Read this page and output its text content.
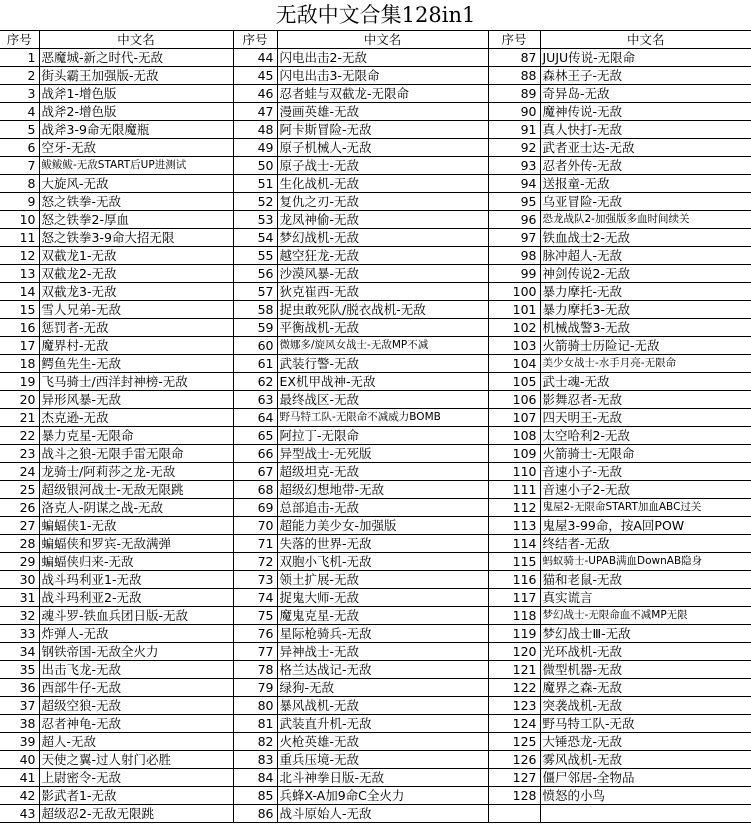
无敌中文合集128in1
序号	中文名	序号	中文名	序号	中文名
1	恶魔城-新之时代-无敌	44	闪电出击2-无敌	87	JUJU传说-无限命
2	街头霸王加强版-无敌	45	闪电出击3-无限命	88	森林王子-无敌
3	战斧1-增色版	46	忍者蛙与双截龙-无限命	89	奇异岛-无敌
4	战斧2-增色版	47	漫画英雄-无敌	90	魔神传说-无敌
5	战斧3-9命无限魔瓶	48	阿卡斯冒险-无敌	91	真人快打-无敌
6	空牙-无敌	49	原子机械人-无敌	92	武者亚士达-无敌
7	鲅鲅鲅-无敌START后UP进测试	50	原子战士-无敌	93	忍者外传-无敌
8	大旋风-无敌	51	生化战机-无敌	94	送报童-无敌
9	怒之铁拳-无敌	52	复仇之刃-无敌	95	乌亚冒险-无敌
10	怒之铁拳2-厚血	53	龙凤神偷-无敌	96	恐龙战队2-加强版多血时间续关
11	怒之铁拳3-9命大招无限	54	梦幻战机-无敌	97	铁血战士2-无敌
12	双截龙1-无敌	55	越空狂龙-无敌	98	脉冲超人-无敌
13	双截龙2-无敌	56	沙漠风暴-无敌	99	神剑传说2-无敌
14	双截龙3-无敌	57	狄克崔西-无敌	100	暴力摩托-无敌
15	雪人兄弟-无敌	58	捉虫敢死队/脱衣战机-无敌	101	暴力摩托3-无敌
16	惩罚者-无敌	59	平衡战机-无敌	102	机械战警3-无敌
17	魔界村-无敌	60	微娜多/旋风女战士-无敌MP不减	103	火箭骑士历险记-无敌
18	鳄鱼先生-无敌	61	武装行警-无敌	104	美少女战士-水手月亮-无限命
19	飞马骑士/西洋封神榜-无敌	62	EX机甲战神-无敌	105	武士魂-无敌
20	异形风暴-无敌	63	最终战区-无敌	106	影舞忍者-无敌
21	杰克逊-无敌	64	野马特工队-无限命不减威力BOMB	107	四天明王-无敌
22	暴力克星-无限命	65	阿拉丁-无限命	108	太空哈利2-无敌
23	战斗之狼-无限手雷无限命	66	异型战士-无死版	109	火箭骑士-无限命
24	龙骑士/阿莉莎之龙-无敌	67	超级坦克-无敌	110	音速小子-无敌
25	超级银河战士-无敌无限跳	68	超级幻想地带-无敌	111	音速小子2-无敌
26	洛克人-阴谋之战-无敌	69	总部追击-无敌	112	鬼屋2-无限命START加血ABC过关
27	蝙蝠侠1-无敌	70	超能力美少女-加强版	113	鬼屋3-99命，按A回POW
28	蝙蝠侠和罗宾-无敌满弹	71	失落的世界-无敌	114	终结者-无敌
29	蝙蝠侠归来-无敌	72	双胞小飞机-无敌	115	蚂蚁骑士-UPAB满血DownAB隐身
30	战斗玛利亚1-无敌	73	领土扩展-无敌	116	猫和老鼠-无敌
31	战斗玛利亚2-无敌	74	捉鬼大师-无敌	117	真实谎言
32	魂斗罗-铁血兵团日版-无敌	75	魔鬼克星-无敌	118	梦幻战士-无限命血不减MP无限
33	炸弹人-无敌	76	星际枪骑兵-无敌	119	梦幻战士Ⅲ-无敌
34	钢铁帝国-无敌全火力	77	异神战士-无敌	120	光环战机-无敌
35	出击飞龙-无敌	78	格兰达战记-无敌	121	微型机器-无敌
36	西部牛仔-无敌	79	绿狗-无敌	122	魔界之森-无敌
37	超级空狼-无敌	80	暴风战机-无敌	123	突袭战机-无敌
38	忍者神龟-无敌	81	武装直升机-无敌	124	野马特工队-无敌
39	超人-无敌	82	火枪英雄-无敌	125	大锤恐龙-无敌
40	天使之翼-过人射门必胜	83	重兵压境-无敌	126	雾风战机-无敌
41	上尉密令-无敌	84	北斗神拳日版-无敌	127	僵尸邻居-全物品
42	影武者1-无敌	85	兵蜂X-A加9命C全火力	128	愤怒的小鸟
43	超级忍2-无敌无限跳	86	战斗原始人-无敌		
